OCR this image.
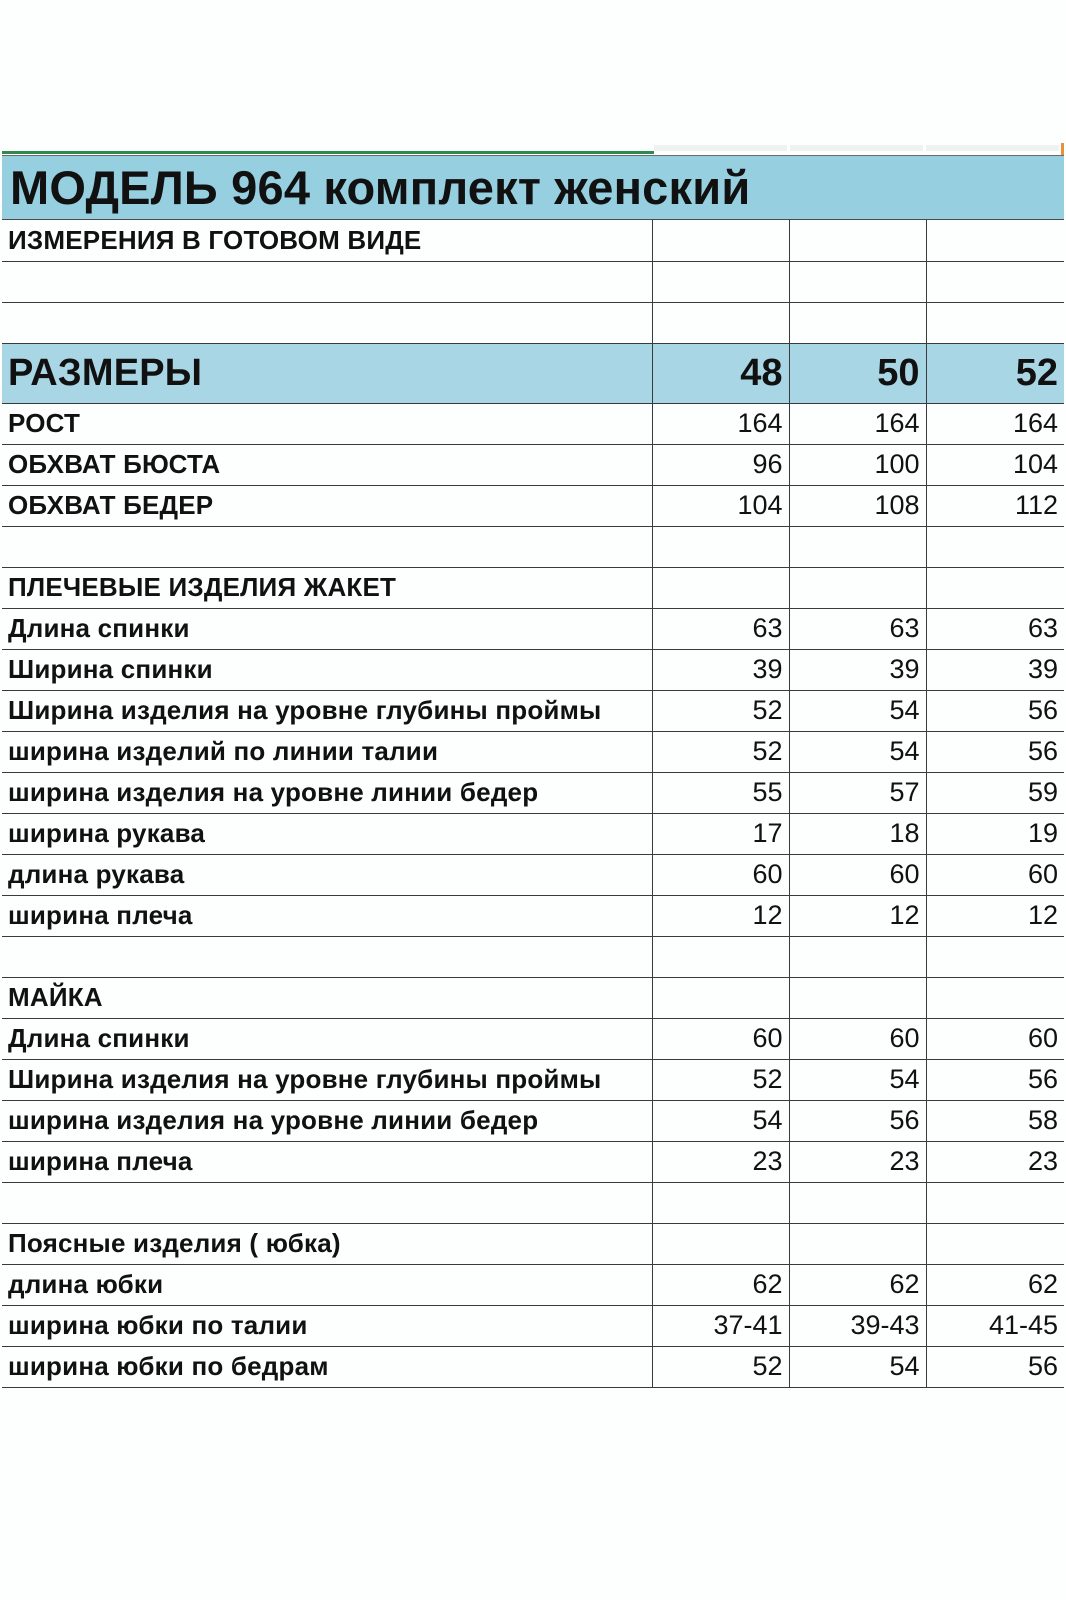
МОДЕЛЬ 964 комплект женский
ИЗМЕРЕНИЯ В ГОТОВОМ ВИДЕ			

РАЗМЕРЫ	48	50	52
РОСТ	164	164	164
ОБХВАТ БЮСТА	96	100	104
ОБХВАТ БЕДЕР	104	108	112

ПЛЕЧЕВЫЕ ИЗДЕЛИЯ ЖАКЕТ			
Длина спинки	63	63	63
Ширина спинки	39	39	39
Ширина изделия на уровне глубины проймы	52	54	56
ширина изделий по линии талии	52	54	56
ширина изделия на уровне линии бедер	55	57	59
ширина рукава	17	18	19
длина рукава	60	60	60
ширина плеча	12	12	12

МАЙКА			
Длина спинки	60	60	60
Ширина изделия на уровне глубины проймы	52	54	56
ширина изделия на уровне линии бедер	54	56	58
ширина плеча	23	23	23

Поясные изделия ( юбка)			
длина юбки	62	62	62
ширина юбки по талии	37-41	39-43	41-45
ширина юбки по бедрам	52	54	56
